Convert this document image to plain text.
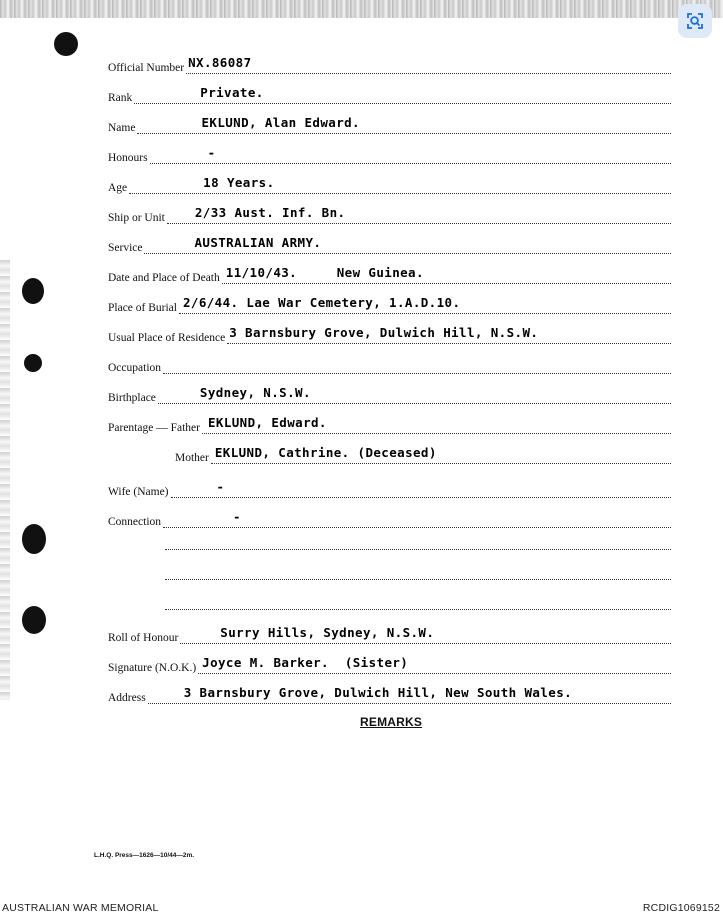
Official Number NX.86087
Rank	Private.
Name	EKLUND, Alan Edward.
Honours	-
Age	18 Years.
Ship or Unit 2/33 Aust. Inf. Bn.
Service	AUSTRALIAN ARMY.
Date and Place of Death 11/10/43.     New Guinea.
Place of Burial 2/6/44. Lae War Cemetery, 1.A.D.10.
Usual Place of Residence 3 Barnsbury Grove, Dulwich Hill, N.S.W.
Occupation
Birthplace	Sydney, N.S.W.
Parentage — Father EKLUND, Edward.
Mother EKLUND, Cathrine. (Deceased)
Wife (Name)	-
Connection	-
Roll of Honour	Surry Hills, Sydney, N.S.W.
Signature (N.O.K.) Joyce M. Barker.  (Sister)
Address	3 Barnsbury Grove, Dulwich Hill, New South Wales.
REMARKS
L.H.Q. Press—1626—10/44—2m.
AUSTRALIAN WAR MEMORIAL	RCDIG1069152
